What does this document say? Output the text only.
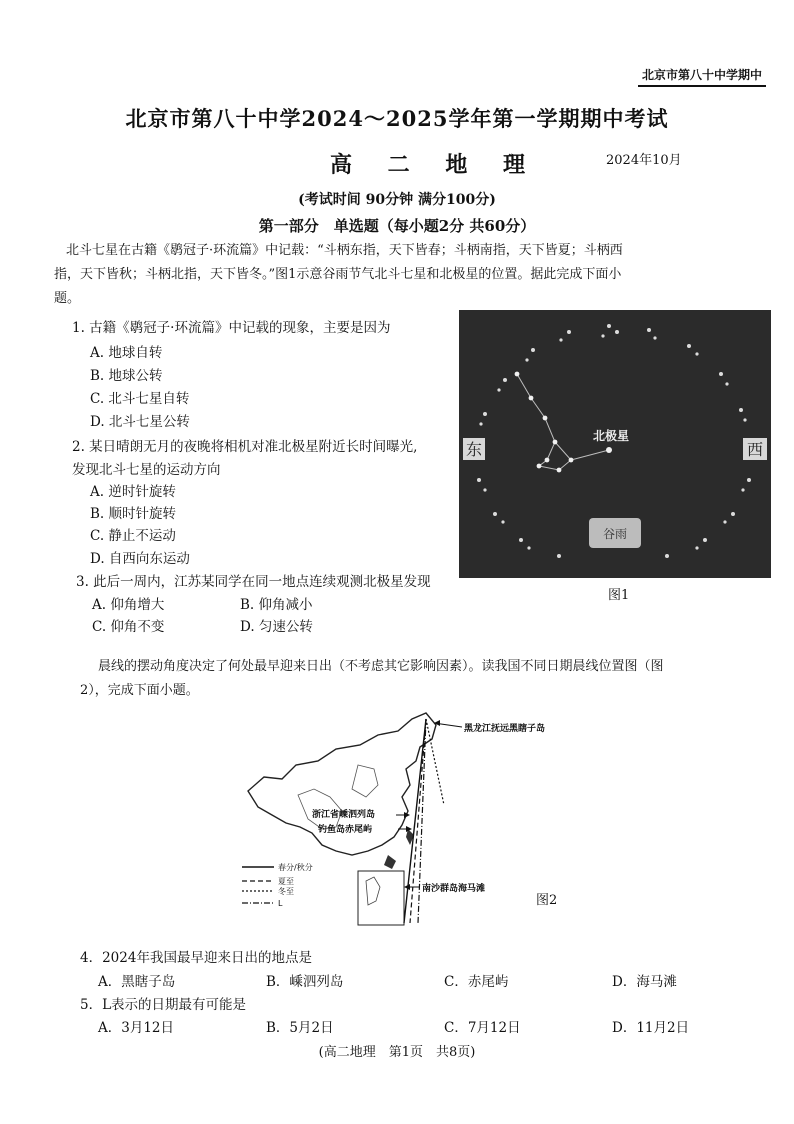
北京市第八十中学期中
北京市第八十中学2024～2025学年第一学期期中考试
高 二 地 理	2024年10月
(考试时间 90分钟 满分100分)
第一部分　单选题（每小题2分 共60分）
北斗七星在古籍《鹖冠子·环流篇》中记载：“斗柄东指，天下皆春；斗柄南指，天下皆夏；斗柄西
指，天下皆秋；斗柄北指，天下皆冬。”图1示意谷雨节气北斗七星和北极星的位置。据此完成下面小
题。
1. 古籍《鹖冠子·环流篇》中记载的现象，主要是因为
A. 地球自转
B. 地球公转
C. 北斗七星自转
D. 北斗七星公转
2. 某日晴朗无月的夜晚将相机对准北极星附近长时间曝光,
发现北斗七星的运动方向
A. 逆时针旋转
B. 顺时针旋转
C. 静止不运动
D. 自西向东运动
3. 此后一周内，江苏某同学在同一地点连续观测北极星发现
A. 仰角增大	B. 仰角减小
C. 仰角不变	D. 匀速公转
东	西
北极星
谷雨
图1
晨线的摆动角度决定了何处最早迎来日出（不考虑其它影响因素）。读我国不同日期晨线位置图（图
2），完成下面小题。
黑龙江抚远黑瞎子岛
浙江省嵊泗列岛
钓鱼岛赤尾屿
南沙群岛海马滩
春分/秋分
夏至
冬至
L	图2
4．2024年我国最早迎来日出的地点是
A．黑瞎子岛	B．嵊泗列岛	C．赤尾屿	D．海马滩
5．L表示的日期最有可能是
A．3月12日	B．5月2日	C．7月12日	D．11月2日
(高二地理　第1页　共8页)
